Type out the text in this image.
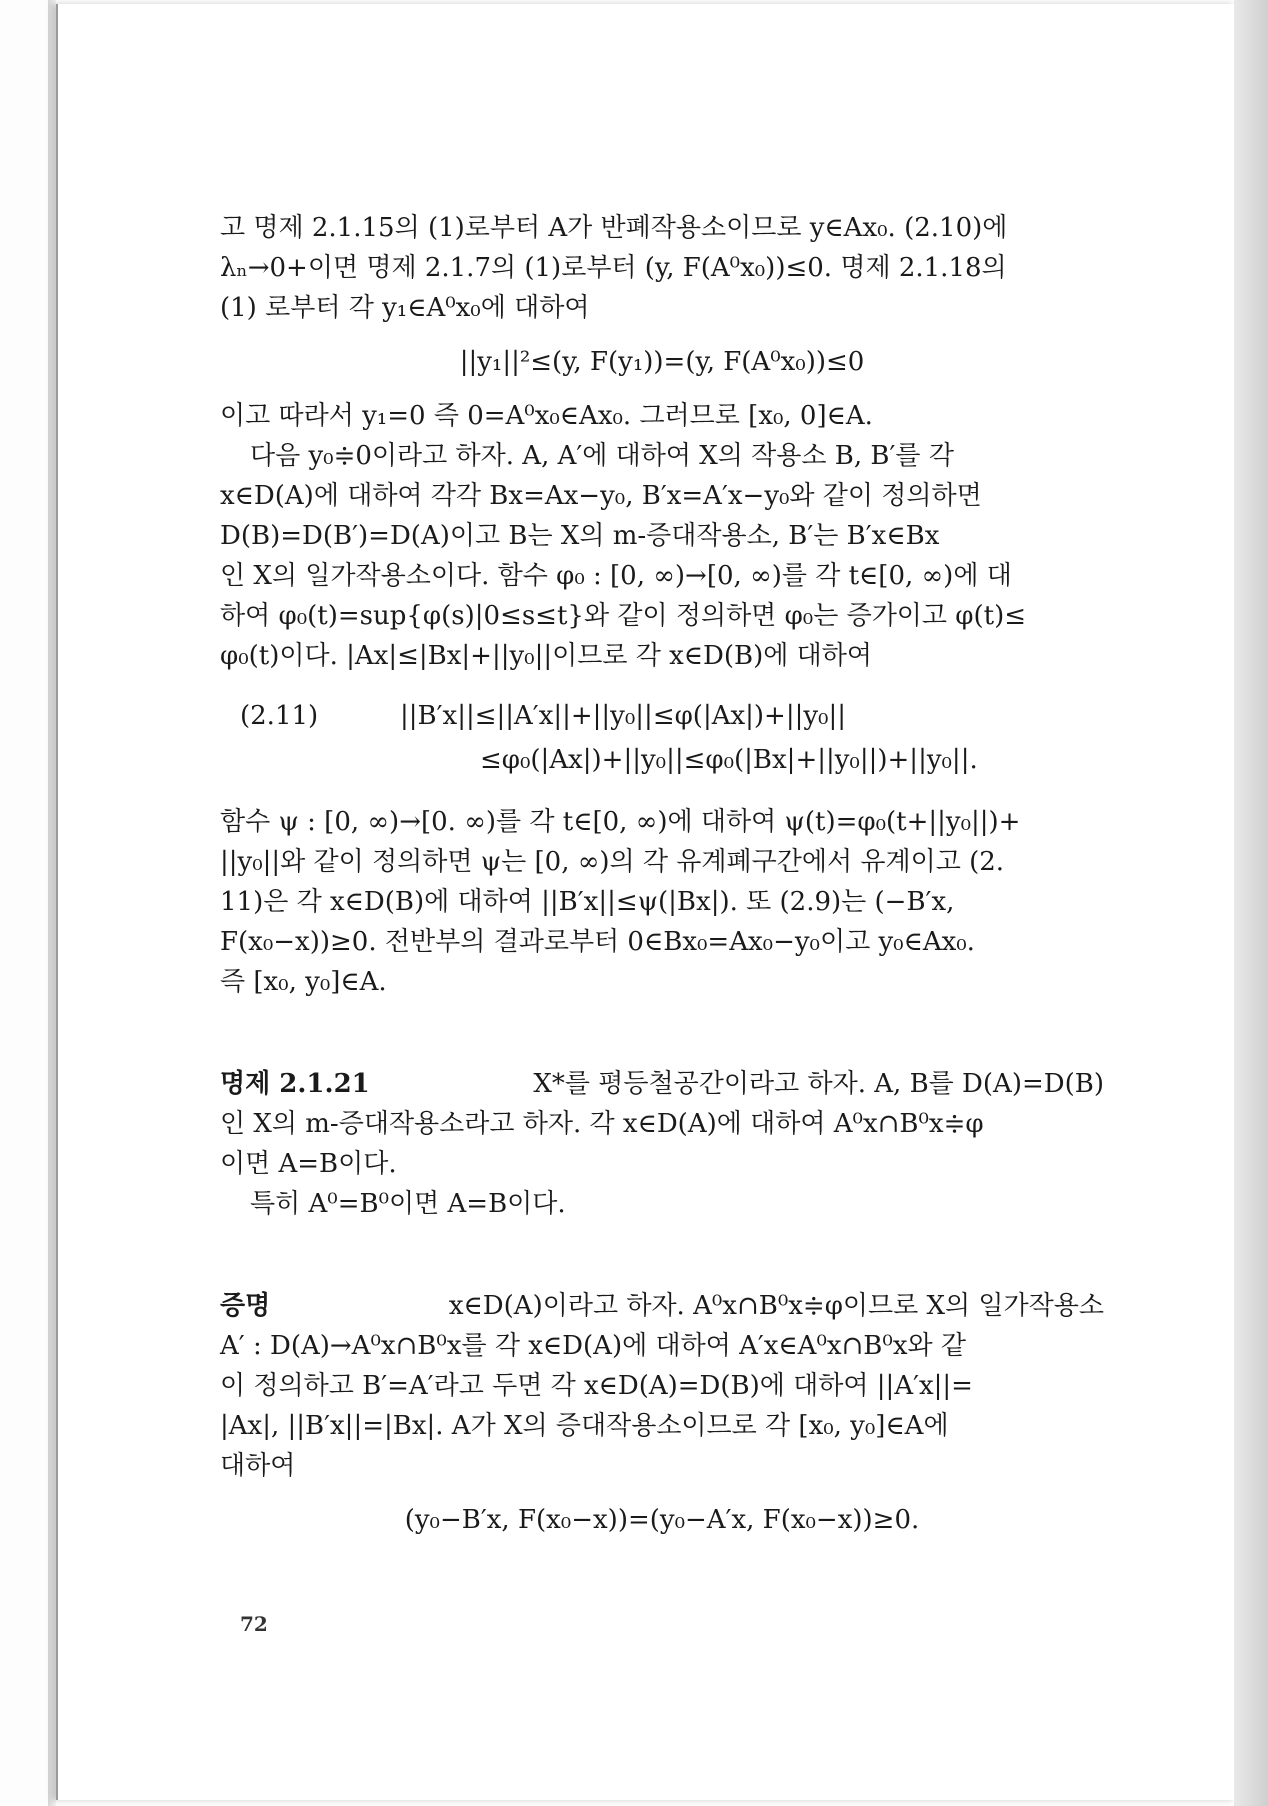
고 명제 2.1.15의 (1)로부터 A가 반폐작용소이므로 y∈Ax₀. (2.10)에
λₙ→0+이면 명제 2.1.7의 (1)로부터 (y, F(A⁰x₀))≤0. 명제 2.1.18의
(1) 로부터 각 y₁∈A⁰x₀에 대하여
||y₁||²≤(y, F(y₁))=(y, F(A⁰x₀))≤0
이고 따라서 y₁=0 즉 0=A⁰x₀∈Ax₀. 그러므로 [x₀, 0]∈A.
다음 y₀≑0이라고 하자. A, A′에 대하여 X의 작용소 B, B′를 각
x∈D(A)에 대하여 각각 Bx=Ax−y₀, B′x=A′x−y₀와 같이 정의하면
D(B)=D(B′)=D(A)이고 B는 X의 m-증대작용소, B′는 B′x∈Bx
인 X의 일가작용소이다. 함수 φ₀ : [0, ∞)→[0, ∞)를 각 t∈[0, ∞)에 대
하여 φ₀(t)=sup{φ(s)|0≤s≤t}와 같이 정의하면 φ₀는 증가이고 φ(t)≤
φ₀(t)이다. |Ax|≤|Bx|+||y₀||이므로 각 x∈D(B)에 대하여
(2.11)	||B′x||≤||A′x||+||y₀||≤φ(|Ax|)+||y₀||
≤φ₀(|Ax|)+||y₀||≤φ₀(|Bx|+||y₀||)+||y₀||.
함수 ψ : [0, ∞)→[0. ∞)를 각 t∈[0, ∞)에 대하여 ψ(t)=φ₀(t+||y₀||)+
||y₀||와 같이 정의하면 ψ는 [0, ∞)의 각 유계폐구간에서 유계이고 (2.
11)은 각 x∈D(B)에 대하여 ||B′x||≤ψ(|Bx|). 또 (2.9)는 (−B′x,
F(x₀−x))≥0. 전반부의 결과로부터 0∈Bx₀=Ax₀−y₀이고 y₀∈Ax₀.
즉 [x₀, y₀]∈A.
명제 2.1.21	X*를 평등철공간이라고 하자. A, B를 D(A)=D(B)
인 X의 m-증대작용소라고 하자. 각 x∈D(A)에 대하여 A⁰x∩B⁰x≑φ
이면 A=B이다.
특히 A⁰=B⁰이면 A=B이다.
증명	x∈D(A)이라고 하자. A⁰x∩B⁰x≑φ이므로 X의 일가작용소
A′ : D(A)→A⁰x∩B⁰x를 각 x∈D(A)에 대하여 A′x∈A⁰x∩B⁰x와 같
이 정의하고 B′=A′라고 두면 각 x∈D(A)=D(B)에 대하여 ||A′x||=
|Ax|, ||B′x||=|Bx|. A가 X의 증대작용소이므로 각 [x₀, y₀]∈A에
대하여
(y₀−B′x, F(x₀−x))=(y₀−A′x, F(x₀−x))≥0.
72
